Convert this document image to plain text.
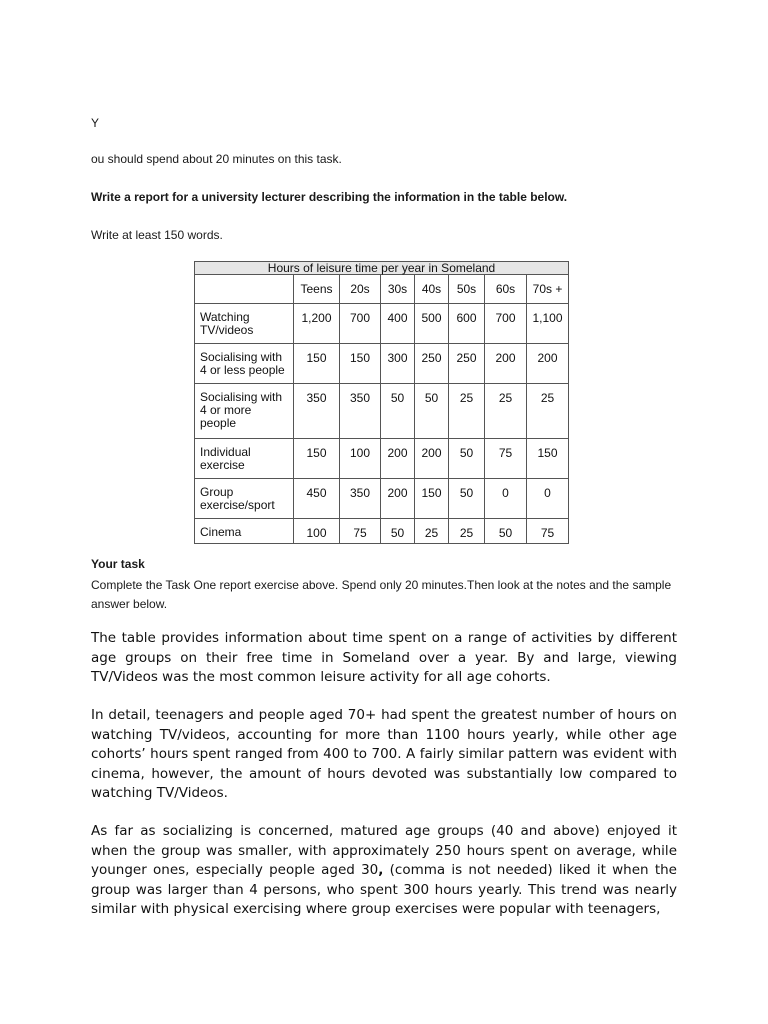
Y
ou should spend about 20 minutes on this task.
Write a report for a university lecturer describing the information in the table below.
Write at least 150 words.
Hours of leisure time per year in Someland							
	Teens	20s	30s	40s	50s	60s	70s +
Watching TV/videos	1,200	700	400	500	600	700	1,100
Socialising with 4 or less people	150	150	300	250	250	200	200
Socialising with 4 or more people	350	350	50	50	25	25	25
Individual exercise	150	100	200	200	50	75	150
Group exercise/sport	450	350	200	150	50	0	0
Cinema	100	75	50	25	25	50	75
Your task
Complete the Task One report exercise above. Spend only 20 minutes.Then look at the notes and the sample answer below.

The table provides information about time spent on a range of activities by different age groups on their free time in Someland over a year. By and large, viewing TV/Videos was the most common leisure activity for all age cohorts.

In detail, teenagers and people aged 70+ had spent the greatest number of hours on watching TV/videos, accounting for more than 1100 hours yearly, while other age cohorts’ hours spent ranged from 400 to 700. A fairly similar pattern was evident with cinema, however, the amount of hours devoted was substantially low compared to watching TV/Videos.

As far as socializing is concerned, matured age groups (40 and above) enjoyed it when the group was smaller, with approximately 250 hours spent on average, while younger ones, especially people aged 30, (comma is not needed) liked it when the group was larger than 4 persons, who spent 300 hours yearly. This trend was nearly similar with physical exercising where group exercises were popular with teenagers,
